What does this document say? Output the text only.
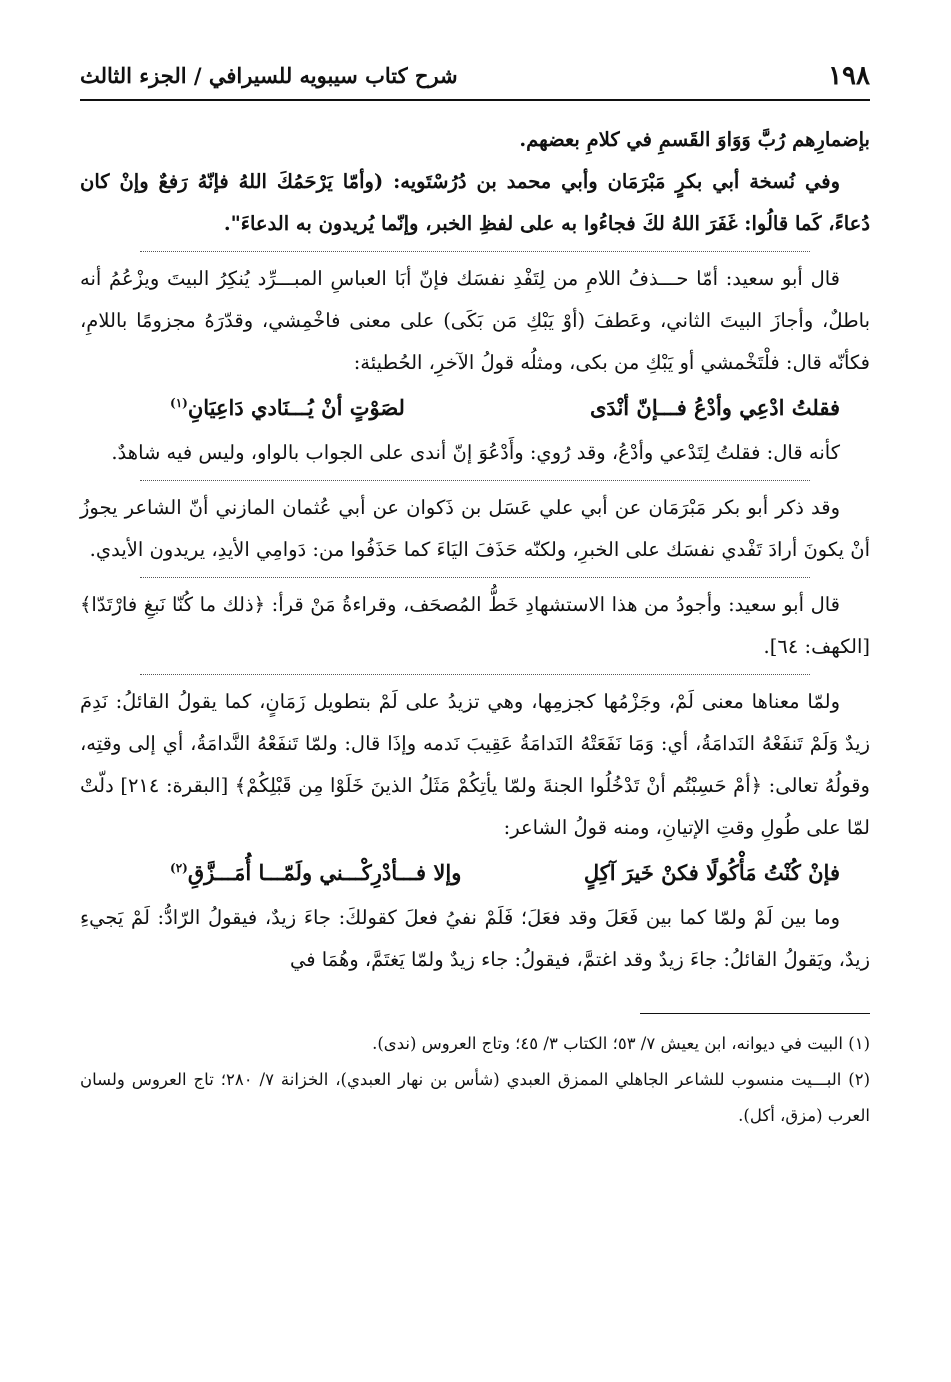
١٩٨
شرح كتاب سيبويه للسيرافي / الجزء الثالث

بإضمارِهم رُبَّ وَوَاوَ القَسمِ في كلامِ بعضهم.

وفي نُسخة أبي بكرٍ مَبْرَمَان وأبي محمد بن دُرُسْتَويه: (وأمّا يَرْحَمُكَ اللهُ فإنّهُ رَفعٌ وإنْ كان دُعاءً، كَما قالُوا: غَفَرَ اللهُ لكَ فجاءُوا به على لفظِ الخبر، وإنّما يُريدون به الدعاءَ".

قال أبو سعيد: أمّا حـــذفُ اللامِ من لِتَفْدِ نفسَك فإنّ أبَا العباسِ المبـــرِّد يُنكِرُ البيتَ ويزْعُمُ أنه باطلٌ، وأجازَ البيتَ الثاني، وعَطفَ (أوْ يَبْكِ مَن بَكَى) على معنى فاخْمِشي، وقدّرَهُ مجزومًا باللامِ، فكأنّه قال: فلْتَخْمشي أو يَبْكِ من بكى، ومثلُه قولُ الآخرِ، الحُطيئة:

فقلتُ ادْعِي وأدْعُ فـــإنّ أنْدَى
لصَوْتٍ أنْ يُـــنَادي دَاعِيَانِ$^{(١)}$

كأنه قال: فقلتُ لِتَدْعي وأدْعُ، وقد رُوي: وأَدْعُوَ إنّ أندى على الجواب بالواو، وليس فيه شاهدٌ.

وقد ذكر أبو بكر مَبْرَمَان عن أبي علي عَسَل بن ذَكوان عن أبي عُثمان المازني أنّ الشاعر يجوزُ أنْ يكونَ أرادَ تَفْدي نفسَك على الخبرِ، ولكنّه حَذَفَ اليَاءَ كما حَذَفُوا من: دَوامِي الأيدِ، يريدون الأيدي.

قال أبو سعيد: وأجودُ من هذا الاستشهادِ خَطُّ المُصحَف، وقراءةُ مَنْ قرأ: ﴿ذلك ما كُنّا نَبغِ فارْتَدّا﴾ [الكهف: ٦٤].

ولمّا معناها معنى لَمْ، وجَزْمُها كجزمِها، وهي تزيدُ على لَمْ بتطويل زَمَانٍ، كما يقولُ القائلُ: نَدِمَ زيدٌ وَلَمْ تَنفَعْهُ النَدامَةُ، أي: وَمَا نَفَعَتْهُ النَدامَةُ عَقِيبَ نَدمه وإذَا قال: ولمّا تَنفَعْهُ النَّدامَةُ، أي إلى وقتِه، وقولُهُ تعالى: ﴿أمْ حَسِبْتُم أنْ تَدْخُلُوا الجنةَ ولمّا يأتِكُمْ مَثَلُ الذينَ خَلَوْا مِن قَبْلِكُمْ﴾ [البقرة: ٢١٤] دلّتْ لمّا على طُولِ وقتِ الإتيانِ، ومنه قولُ الشاعر:

فإنْ كُنْتُ مَأْكُولًا فكنْ خَيرَ آكِلٍ
وإلا فـــأدْرِكْـــني ولَمّـــا أُمَـــزَّقِ$^{(٢)}$

وما بين لَمْ ولمّا كما بين فَعَلَ وقد فعَلَ؛ فَلَمْ نفيُ فعلَ كقولكَ: جاءَ زيدٌ، فيقولُ الرّادُّ: لَمْ يَجيءِ زيدٌ، ويَقولُ القائلُ: جاءَ زيدٌ وقد اغتمَّ، فيقولُ: جاء زيدٌ ولمّا يَغتَمَّ، وهُمَا في

(١) البيت في ديوانه، ابن يعيش ٧/ ٥٣؛ الكتاب ٣/ ٤٥؛ وتاج العروس (ندى).

(٢) البـــيت منسوب للشاعر الجاهلي الممزق العبدي (شأس بن نهار العبدي)، الخزانة ٧/ ٢٨٠؛ تاج العروس ولسان العرب (مزق، أكل).
